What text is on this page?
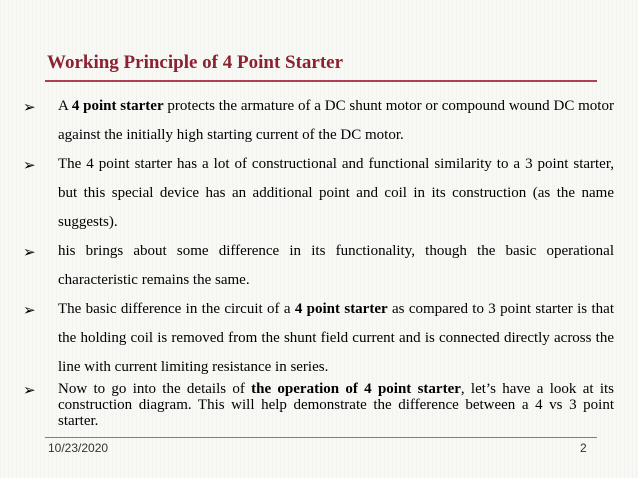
Working Principle of 4 Point Starter
➢ A 4 point starter protects the armature of a DC shunt motor or compound wound DC motor against the initially high starting current of the DC motor.
➢ The 4 point starter has a lot of constructional and functional similarity to a 3 point starter, but this special device has an additional point and coil in its construction (as the name suggests).
➢ his brings about some difference in its functionality, though the basic operational characteristic remains the same.
➢ The basic difference in the circuit of a 4 point starter as compared to 3 point starter is that the holding coil is removed from the shunt field current and is connected directly across the line with current limiting resistance in series.
➢ Now to go into the details of the operation of 4 point starter, let’s have a look at its construction diagram. This will help demonstrate the difference between a 4 vs 3 point starter.
10/23/2020	2
